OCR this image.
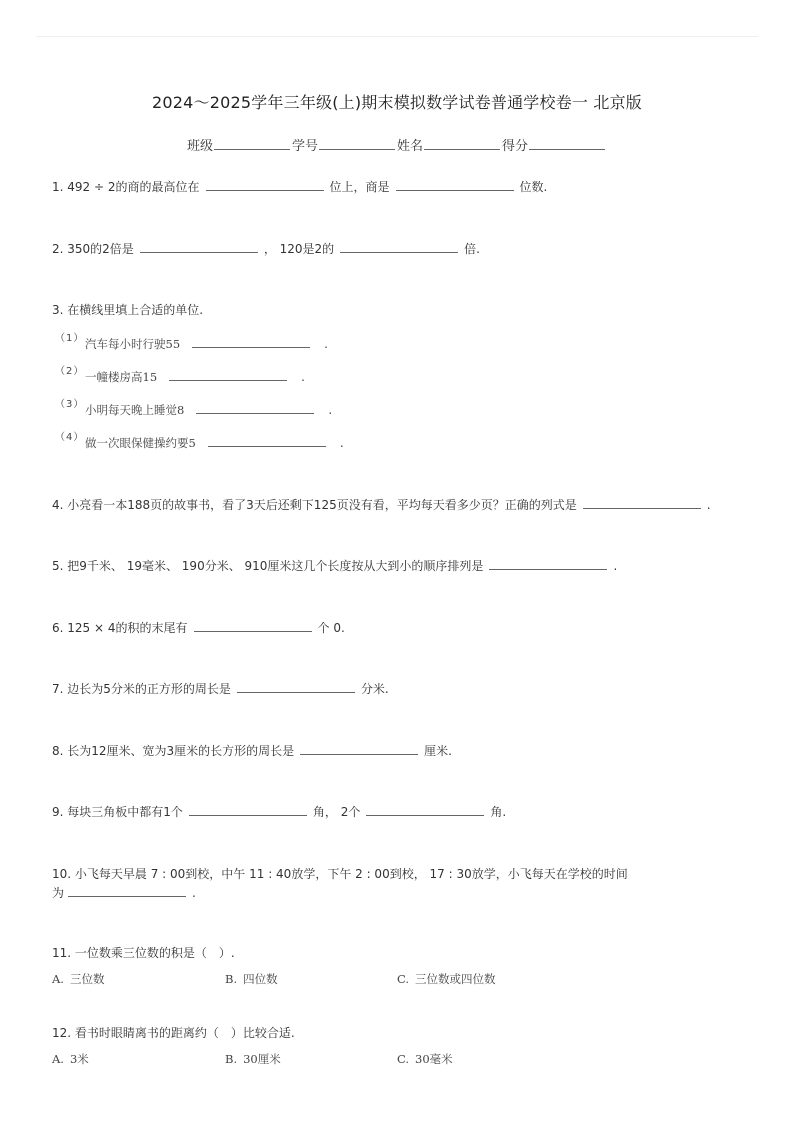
2024～2025学年三年级(上)期末模拟数学试卷普通学校卷一 北京版
班级	学号	姓名	得分
1. 492 ÷ 2的商的最高位在	位上，商是	位数.
2. 350的2倍是	， 120是2的	倍.
3. 在横线里填上合适的单位.
（1）汽车每小时行驶55	.
（2）一幢楼房高15	.
（3）小明每天晚上睡觉8	.
（4）做一次眼保健操约要5	.
4. 小亮看一本188页的故事书，看了3天后还剩下125页没有看，平均每天看多少页？正确的列式是	.
5. 把9千米、 19毫米、 190分米、 910厘米这几个长度按从大到小的顺序排列是	.
6. 125 × 4的积的末尾有	个 0.
7. 边长为5分米的正方形的周长是	分米.
8. 长为12厘米、宽为3厘米的长方形的周长是	厘米.
9. 每块三角板中都有1个	角， 2个	角.
10. 小飞每天早晨 7 : 00到校，中午 11 : 40放学，下午 2 : 00到校， 17 : 30放学，小飞每天在学校的时间
为	.
11. 一位数乘三位数的积是（　）.
A. 三位数	B. 四位数	C. 三位数或四位数
12. 看书时眼睛离书的距离约（　）比较合适.
A. 3米	B. 30厘米	C. 30毫米
